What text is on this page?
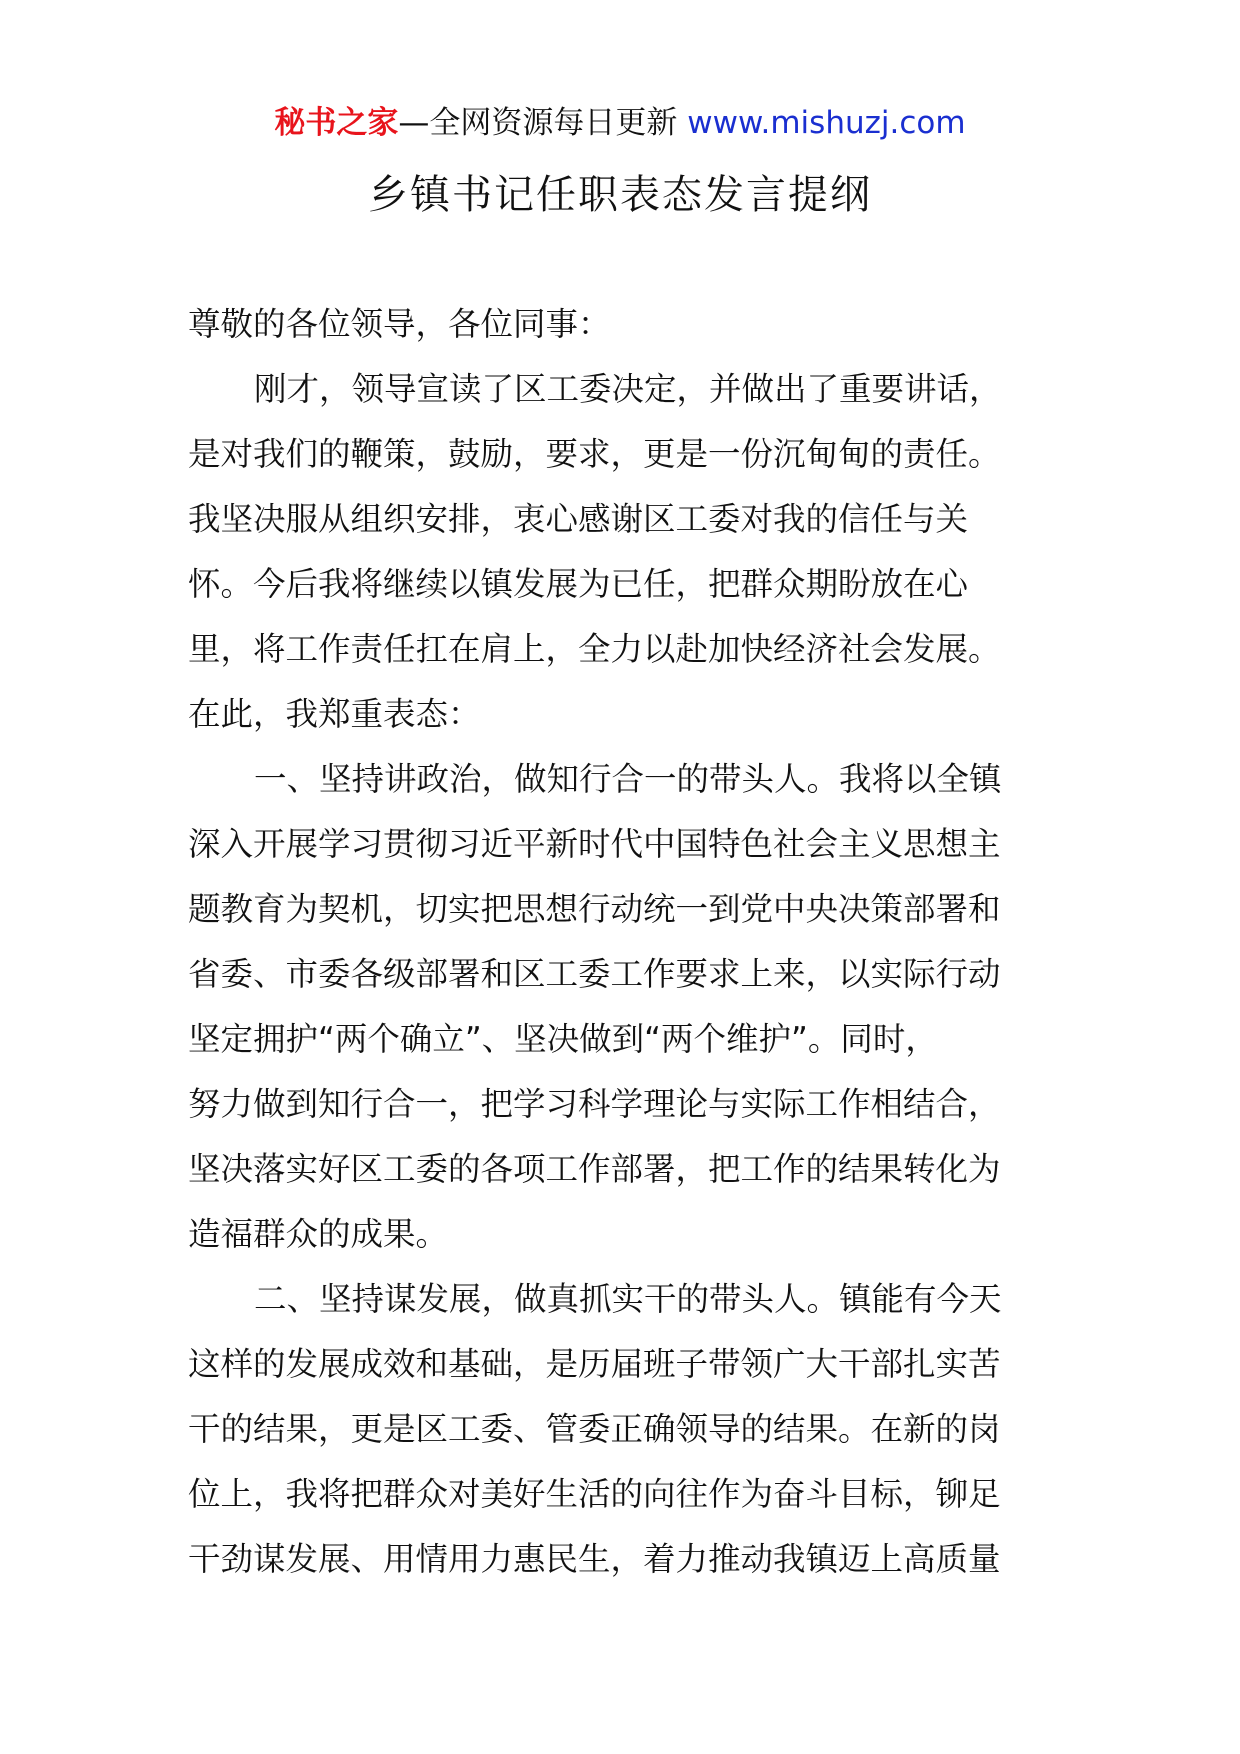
秘书之家—全网资源每日更新 www.mishuzj.com
乡镇书记任职表态发言提纲
尊敬的各位领导，各位同事：
刚才，领导宣读了区工委决定，并做出了重要讲话，
是对我们的鞭策，鼓励，要求，更是一份沉甸甸的责任。
我坚决服从组织安排，衷心感谢区工委对我的信任与关
怀。今后我将继续以镇发展为已任，把群众期盼放在心
里，将工作责任扛在肩上，全力以赴加快经济社会发展。
在此，我郑重表态：
一、坚持讲政治，做知行合一的带头人。我将以全镇
深入开展学习贯彻习近平新时代中国特色社会主义思想主
题教育为契机，切实把思想行动统一到党中央决策部署和
省委、市委各级部署和区工委工作要求上来，以实际行动
坚定拥护“两个确立”、坚决做到“两个维护”。同时，
努力做到知行合一，把学习科学理论与实际工作相结合，
坚决落实好区工委的各项工作部署，把工作的结果转化为
造福群众的成果。
二、坚持谋发展，做真抓实干的带头人。镇能有今天
这样的发展成效和基础，是历届班子带领广大干部扎实苦
干的结果，更是区工委、管委正确领导的结果。在新的岗
位上，我将把群众对美好生活的向往作为奋斗目标，铆足
干劲谋发展、用情用力惠民生，着力推动我镇迈上高质量
